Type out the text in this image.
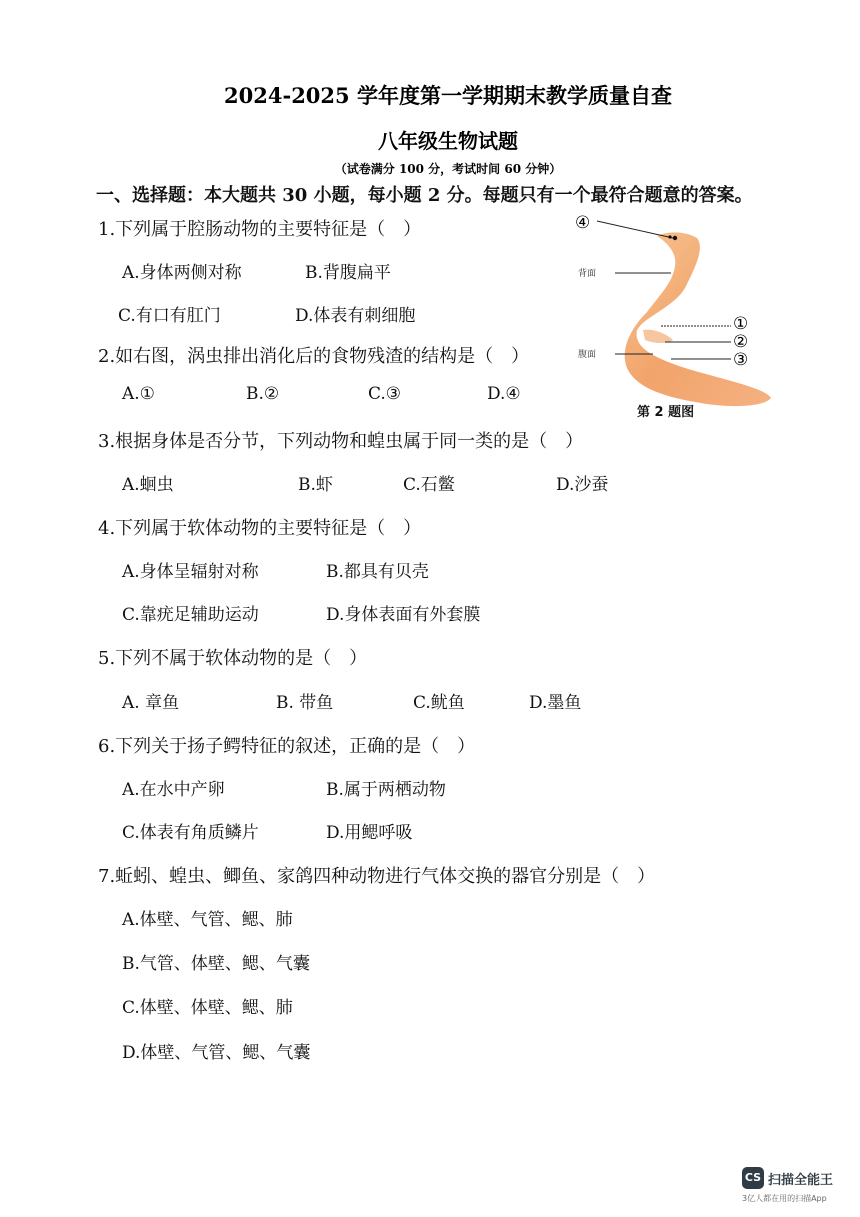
2024-2025 学年度第一学期期末教学质量自查
八年级生物试题
（试卷满分 100 分，考试时间 60 分钟）
一、选择题：本大题共 30 小题，每小题 2 分。每题只有一个最符合题意的答案。
1.下列属于腔肠动物的主要特征是（　）
A.身体两侧对称	B.背腹扁平
C.有口有肛门	D.体表有刺细胞
2.如右图，涡虫排出消化后的食物残渣的结构是（　）
A.①	B.②	C.③	D.④
3.根据身体是否分节，下列动物和蝗虫属于同一类的是（　）
A.蛔虫	B.虾	C.石鳖	D.沙蚕
4.下列属于软体动物的主要特征是（　）
A.身体呈辐射对称	B.都具有贝壳
C.靠疣足辅助运动	D.身体表面有外套膜
5.下列不属于软体动物的是（　）
A. 章鱼	B. 带鱼	C.鱿鱼	D.墨鱼
6.下列关于扬子鳄特征的叙述，正确的是（　）
A.在水中产卵	B.属于两栖动物
C.体表有角质鳞片	D.用鳃呼吸
7.蚯蚓、蝗虫、鲫鱼、家鸽四种动物进行气体交换的器官分别是（　）
A.体壁、气管、鳃、肺
B.气管、体壁、鳃、气囊
C.体壁、体壁、鳃、肺
D.体壁、气管、鳃、气囊
④
①
②
③
背面
腹面
第 2 题图
CS 扫描全能王
3亿人都在用的扫描App
